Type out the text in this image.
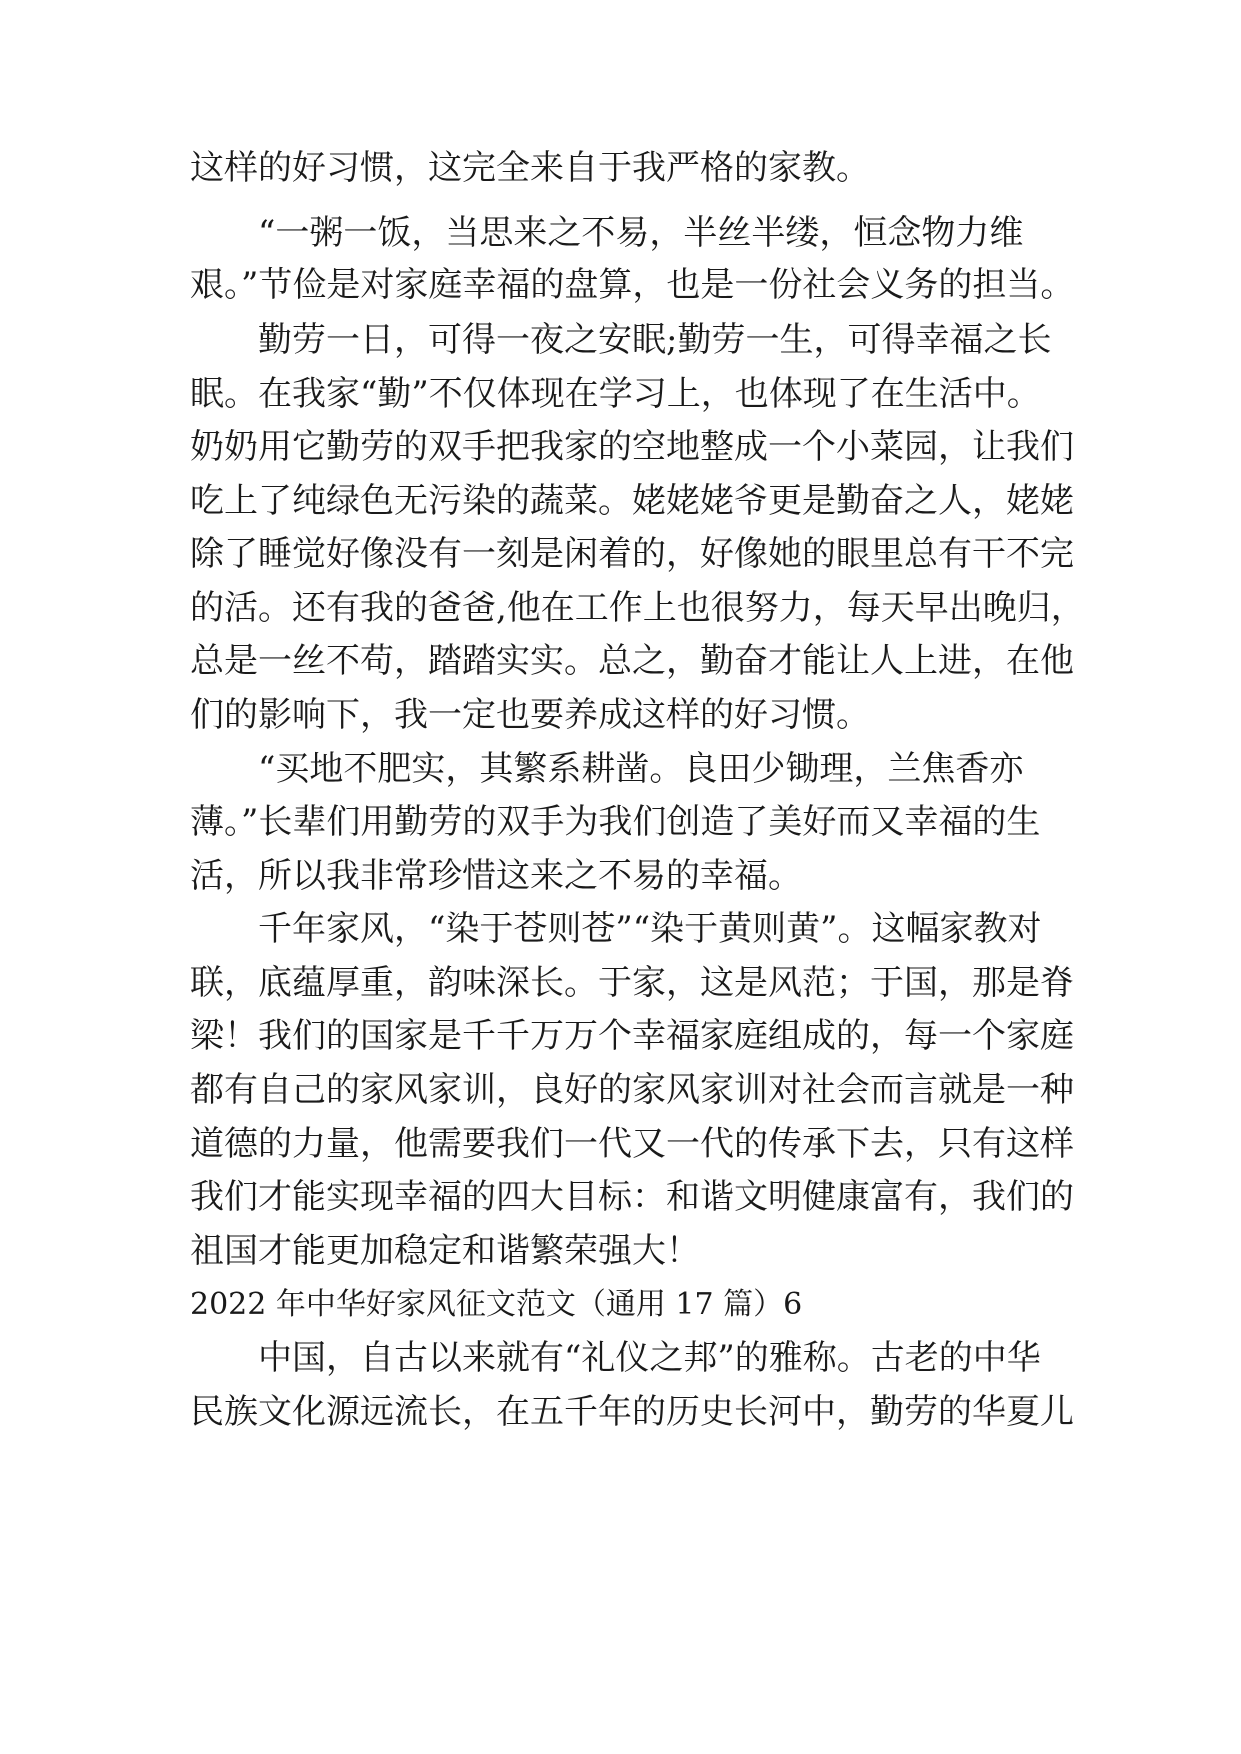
这样的好习惯，这完全来自于我严格的家教。

　　“一粥一饭，当思来之不易，半丝半缕，恒念物力维

艰。”节俭是对家庭幸福的盘算，也是一份社会义务的担当。

　　勤劳一日，可得一夜之安眠;勤劳一生，可得幸福之长

眠。在我家“勤”不仅体现在学习上，也体现了在生活中。

奶奶用它勤劳的双手把我家的空地整成一个小菜园，让我们

吃上了纯绿色无污染的蔬菜。姥姥姥爷更是勤奋之人，姥姥

除了睡觉好像没有一刻是闲着的，好像她的眼里总有干不完

的活。还有我的爸爸,他在工作上也很努力，每天早出晚归，

总是一丝不苟，踏踏实实。总之，勤奋才能让人上进，在他

们的影响下，我一定也要养成这样的好习惯。

　　“买地不肥实，其繁系耕凿。良田少锄理，兰焦香亦

薄。”长辈们用勤劳的双手为我们创造了美好而又幸福的生

活，所以我非常珍惜这来之不易的幸福。

　　千年家风，“染于苍则苍”“染于黄则黄”。这幅家教对

联，底蕴厚重，韵味深长。于家，这是风范；于国，那是脊

梁！我们的国家是千千万万个幸福家庭组成的，每一个家庭

都有自己的家风家训，良好的家风家训对社会而言就是一种

道德的力量，他需要我们一代又一代的传承下去，只有这样

我们才能实现幸福的四大目标：和谐文明健康富有，我们的

祖国才能更加稳定和谐繁荣强大！

2022 年中华好家风征文范文（通用 17 篇）6

　　中国，自古以来就有“礼仪之邦”的雅称。古老的中华

民族文化源远流长，在五千年的历史长河中，勤劳的华夏儿
